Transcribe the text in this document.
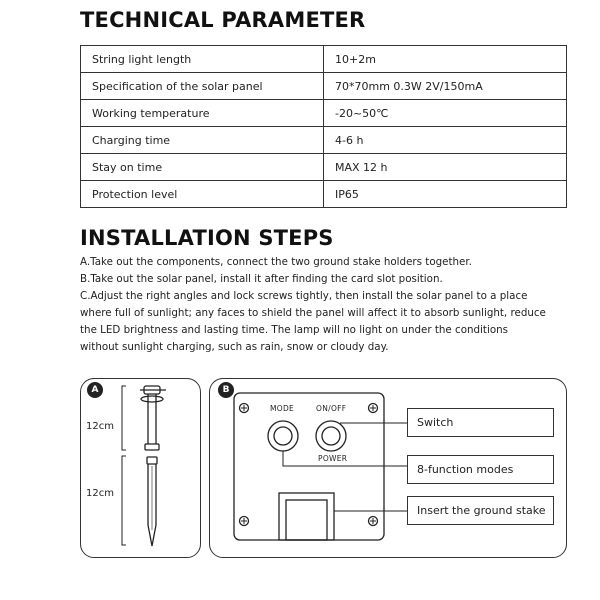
TECHNICAL PARAMETER
String light length	10+2m
Specification of the solar panel	70*70mm 0.3W 2V/150mA
Working temperature	-20~50℃
Charging time	4-6 h
Stay on time	MAX 12 h
Protection level	IP65
INSTALLATION STEPS

A.Take out the components, connect the two ground stake holders together.

B.Take out the solar panel, install it after finding the card slot position.

C.Adjust the right angles and lock screws tightly, then install the solar panel to a place

where full of sunlight; any faces to shield the panel will affect it to absorb sunlight, reduce

the LED brightness and lasting time. The lamp will no light on under the conditions

without sunlight charging, such as rain, snow or cloudy day.

A	B
12cm
12cm
MODE	ON/OFF
POWER
Switch
8-function modes
Insert the ground stake
